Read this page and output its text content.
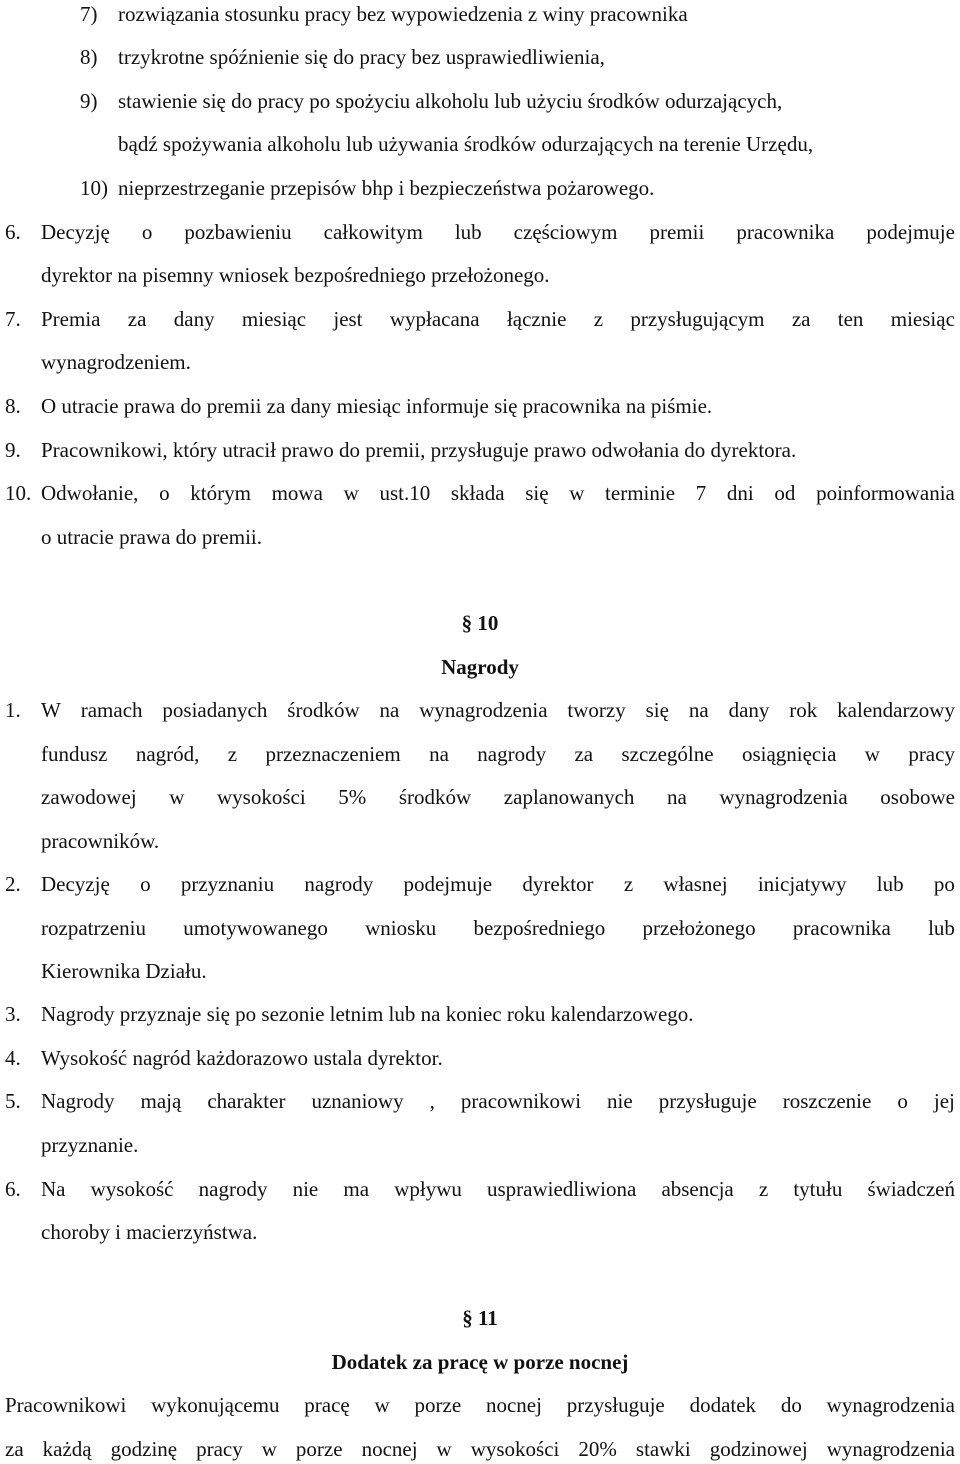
7) rozwiązania stosunku pracy bez wypowiedzenia z winy pracownika
8) trzykrotne spóźnienie się do pracy bez usprawiedliwienia,
9) stawienie się do pracy po spożyciu alkoholu lub użyciu środków odurzających,
bądź spożywania alkoholu lub używania środków odurzających na terenie Urzędu,
10) nieprzestrzeganie przepisów bhp i bezpieczeństwa pożarowego.
6. Decyzję o pozbawieniu całkowitym lub częściowym premii pracownika podejmuje
dyrektor na pisemny wniosek bezpośredniego przełożonego.
7. Premia za dany miesiąc jest wypłacana łącznie z przysługującym za ten miesiąc
wynagrodzeniem.
8. O utracie prawa do premii za dany miesiąc informuje się pracownika na piśmie.
9. Pracownikowi, który utracił prawo do premii, przysługuje prawo odwołania do dyrektora.
10. Odwołanie, o którym mowa w ust.10 składa się w terminie 7 dni od poinformowania
o utracie prawa do premii.
§ 10
Nagrody
1. W ramach posiadanych środków na wynagrodzenia tworzy się na dany rok kalendarzowy
fundusz nagród, z przeznaczeniem na nagrody za szczególne osiągnięcia w pracy
zawodowej w wysokości 5% środków zaplanowanych na wynagrodzenia osobowe
pracowników.
2. Decyzję o przyznaniu nagrody podejmuje dyrektor z własnej inicjatywy lub po
rozpatrzeniu umotywowanego wniosku bezpośredniego przełożonego pracownika lub
Kierownika Działu.
3. Nagrody przyznaje się po sezonie letnim lub na koniec roku kalendarzowego.
4. Wysokość nagród każdorazowo ustala dyrektor.
5. Nagrody mają charakter uznaniowy , pracownikowi nie przysługuje roszczenie o jej
przyznanie.
6. Na wysokość nagrody nie ma wpływu usprawiedliwiona absencja z tytułu świadczeń
choroby i macierzyństwa.
§ 11
Dodatek za pracę w porze nocnej
Pracownikowi wykonującemu pracę w porze nocnej przysługuje dodatek do wynagrodzenia
za każdą godzinę pracy w porze nocnej w wysokości 20% stawki godzinowej wynagrodzenia
